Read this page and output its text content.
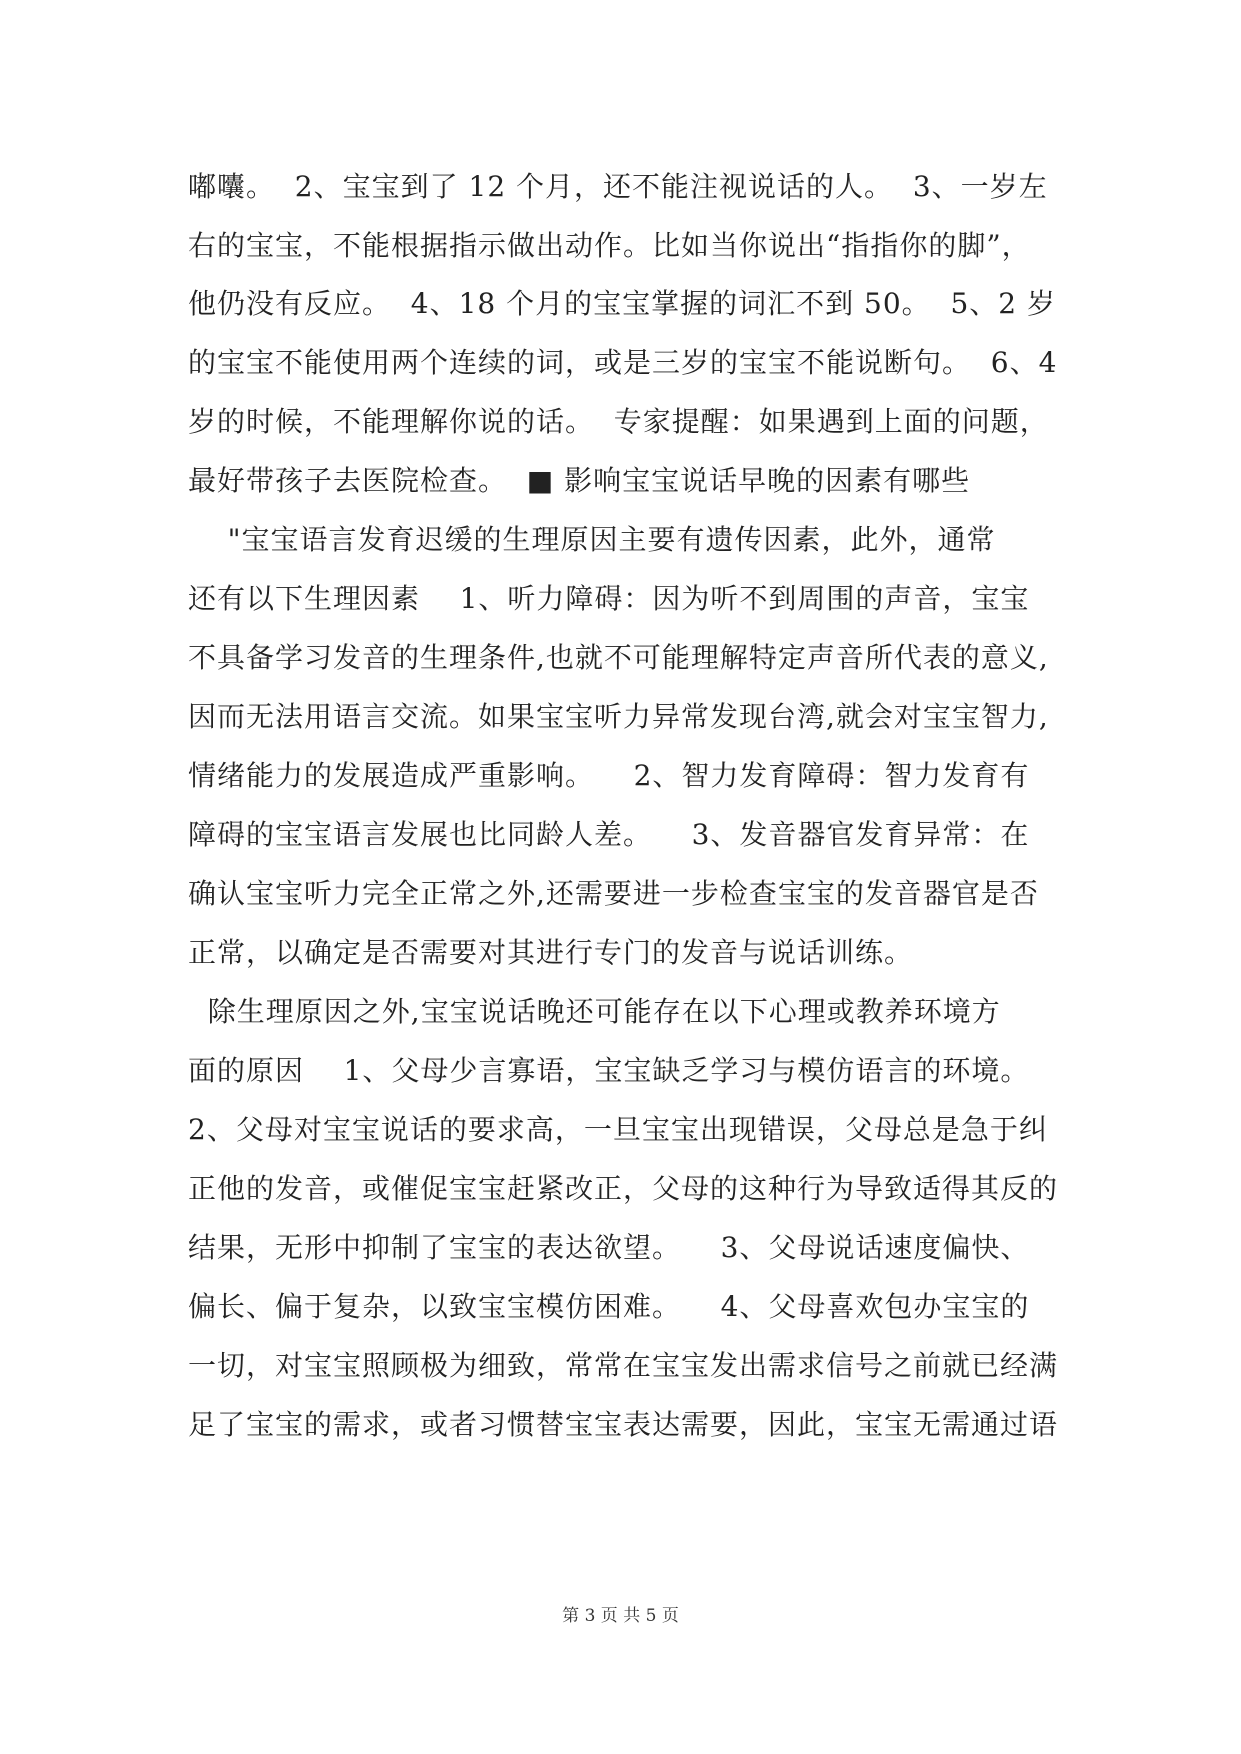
嘟囔。  2、宝宝到了 12 个月，还不能注视说话的人。  3、一岁左
右的宝宝，不能根据指示做出动作。比如当你说出“指指你的脚”，
他仍没有反应。  4、18 个月的宝宝掌握的词汇不到 50。  5、2 岁
的宝宝不能使用两个连续的词，或是三岁的宝宝不能说断句。  6、4
岁的时候，不能理解你说的话。  专家提醒：如果遇到上面的问题，
最好带孩子去医院检查。  ■ 影响宝宝说话早晚的因素有哪些
"宝宝语言发育迟缓的生理原因主要有遗传因素，此外，通常
还有以下生理因素    1、听力障碍：因为听不到周围的声音，宝宝
不具备学习发音的生理条件,也就不可能理解特定声音所代表的意义,
因而无法用语言交流。如果宝宝听力异常发现台湾,就会对宝宝智力,
情绪能力的发展造成严重影响。    2、智力发育障碍：智力发育有
障碍的宝宝语言发展也比同龄人差。    3、发音器官发育异常：在
确认宝宝听力完全正常之外,还需要进一步检查宝宝的发音器官是否
正常，以确定是否需要对其进行专门的发音与说话训练。
除生理原因之外,宝宝说话晚还可能存在以下心理或教养环境方
面的原因    1、父母少言寡语，宝宝缺乏学习与模仿语言的环境。
2、父母对宝宝说话的要求高，一旦宝宝出现错误，父母总是急于纠
正他的发音，或催促宝宝赶紧改正，父母的这种行为导致适得其反的
结果，无形中抑制了宝宝的表达欲望。    3、父母说话速度偏快、
偏长、偏于复杂，以致宝宝模仿困难。    4、父母喜欢包办宝宝的
一切，对宝宝照顾极为细致，常常在宝宝发出需求信号之前就已经满
足了宝宝的需求，或者习惯替宝宝表达需要，因此，宝宝无需通过语
第 3 页 共 5 页
